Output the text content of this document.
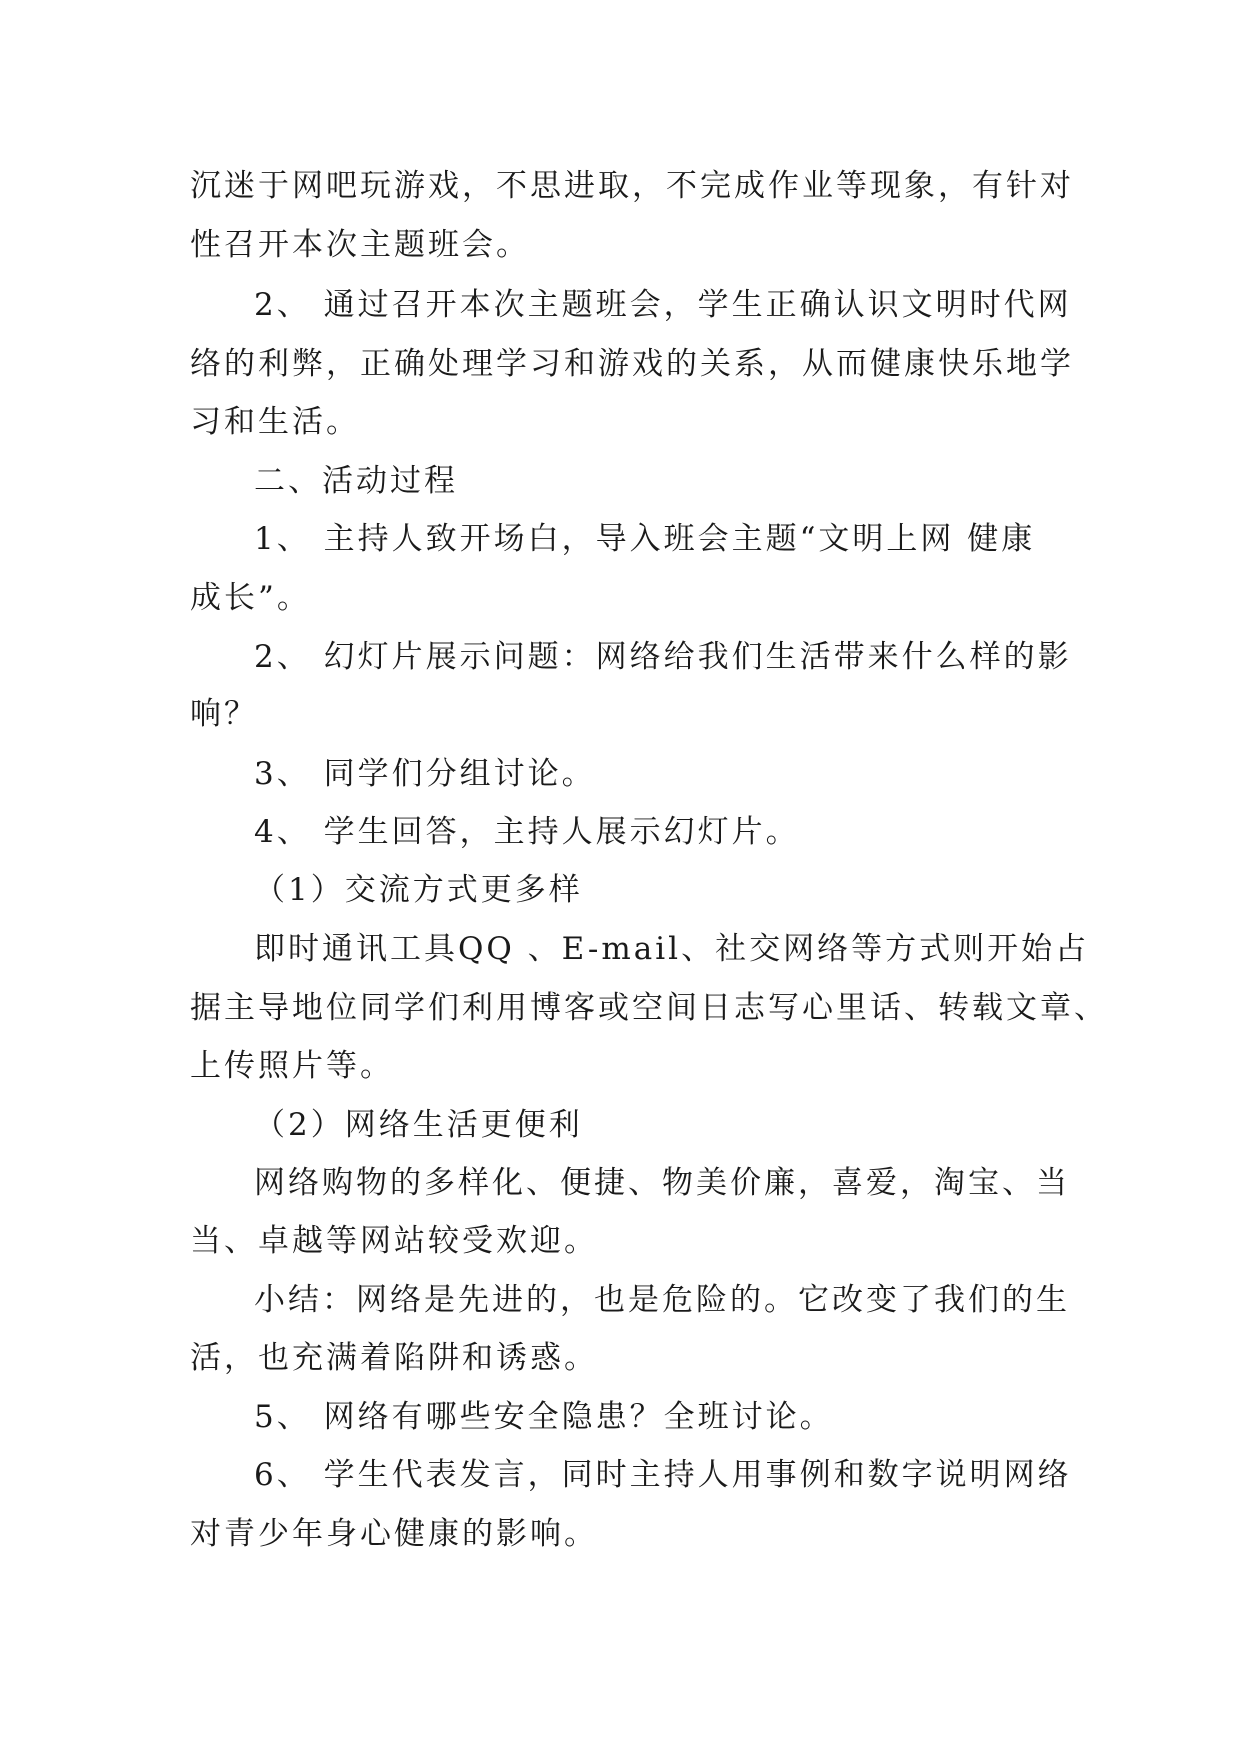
沉迷于网吧玩游戏，不思进取，不完成作业等现象，有针对
性召开本次主题班会。
2、 通过召开本次主题班会，学生正确认识文明时代网
络的利弊，正确处理学习和游戏的关系，从而健康快乐地学
习和生活。
二、活动过程
1、 主持人致开场白，导入班会主题“文明上网 健康
成长”。
2、 幻灯片展示问题：网络给我们生活带来什么样的影
响？
3、 同学们分组讨论。
4、 学生回答，主持人展示幻灯片。
（1）交流方式更多样
即时通讯工具QQ 、E-mail、社交网络等方式则开始占
据主导地位同学们利用博客或空间日志写心里话、转载文章、
上传照片等。
（2）网络生活更便利
网络购物的多样化、便捷、物美价廉，喜爱，淘宝、当
当、卓越等网站较受欢迎。
小结：网络是先进的，也是危险的。它改变了我们的生
活，也充满着陷阱和诱惑。
5、 网络有哪些安全隐患？全班讨论。
6、 学生代表发言，同时主持人用事例和数字说明网络
对青少年身心健康的影响。
